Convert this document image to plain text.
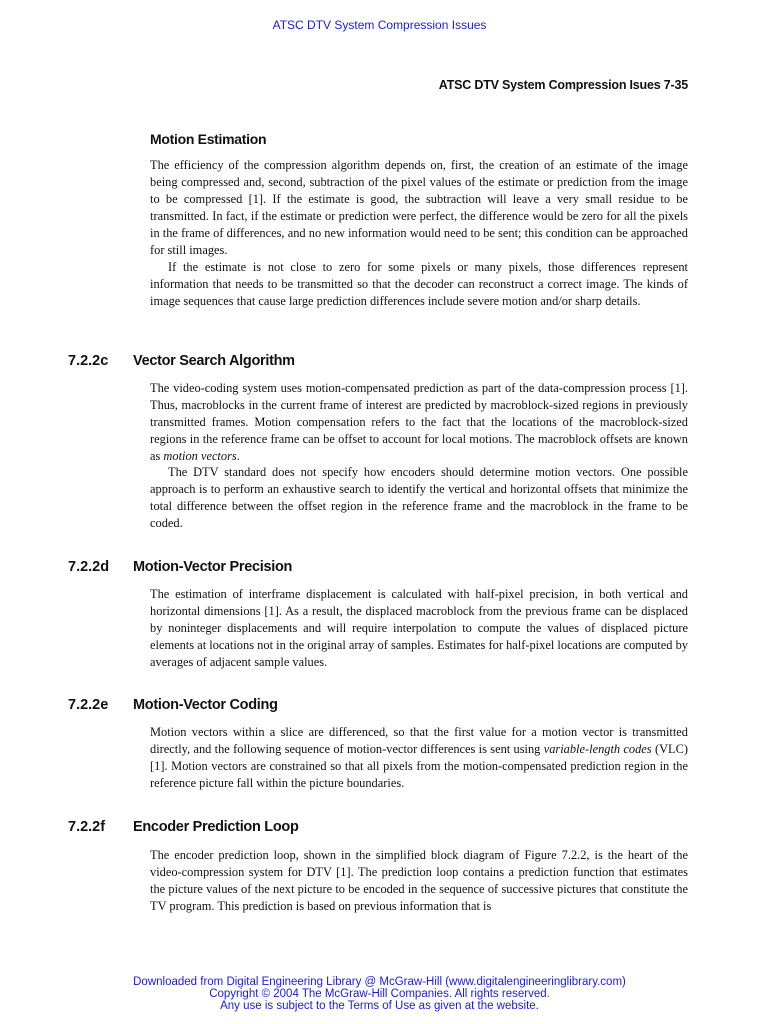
ATSC DTV System Compression Issues
ATSC DTV System Compression Isues 7-35
Motion Estimation

The efficiency of the compression algorithm depends on, first, the creation of an estimate of the image being compressed and, second, subtraction of the pixel values of the estimate or prediction from the image to be compressed [1]. If the estimate is good, the subtraction will leave a very small residue to be transmitted. In fact, if the estimate or prediction were perfect, the difference would be zero for all the pixels in the frame of differences, and no new information would need to be sent; this condition can be approached for still images.

If the estimate is not close to zero for some pixels or many pixels, those differences represent information that needs to be transmitted so that the decoder can reconstruct a correct image. The kinds of image sequences that cause large prediction differences include severe motion and/or sharp details.

7.2.2c Vector Search Algorithm

The video-coding system uses motion-compensated prediction as part of the data-compression process [1]. Thus, macroblocks in the current frame of interest are predicted by macroblock-sized regions in previously transmitted frames. Motion compensation refers to the fact that the locations of the macroblock-sized regions in the reference frame can be offset to account for local motions. The macroblock offsets are known as motion vectors.

The DTV standard does not specify how encoders should determine motion vectors. One possible approach is to perform an exhaustive search to identify the vertical and horizontal offsets that minimize the total difference between the offset region in the reference frame and the macroblock in the frame to be coded.

7.2.2d Motion-Vector Precision

The estimation of interframe displacement is calculated with half-pixel precision, in both vertical and horizontal dimensions [1]. As a result, the displaced macroblock from the previous frame can be displaced by noninteger displacements and will require interpolation to compute the values of displaced picture elements at locations not in the original array of samples. Estimates for half-pixel locations are computed by averages of adjacent sample values.

7.2.2e Motion-Vector Coding

Motion vectors within a slice are differenced, so that the first value for a motion vector is transmitted directly, and the following sequence of motion-vector differences is sent using variable-length codes (VLC) [1]. Motion vectors are constrained so that all pixels from the motion-compensated prediction region in the reference picture fall within the picture boundaries.

7.2.2f Encoder Prediction Loop

The encoder prediction loop, shown in the simplified block diagram of Figure 7.2.2, is the heart of the video-compression system for DTV [1]. The prediction loop contains a prediction function that estimates the picture values of the next picture to be encoded in the sequence of successive pictures that constitute the TV program. This prediction is based on previous information that is

Downloaded from Digital Engineering Library @ McGraw-Hill (www.digitalengineeringlibrary.com)
Copyright © 2004 The McGraw-Hill Companies. All rights reserved.
Any use is subject to the Terms of Use as given at the website.
